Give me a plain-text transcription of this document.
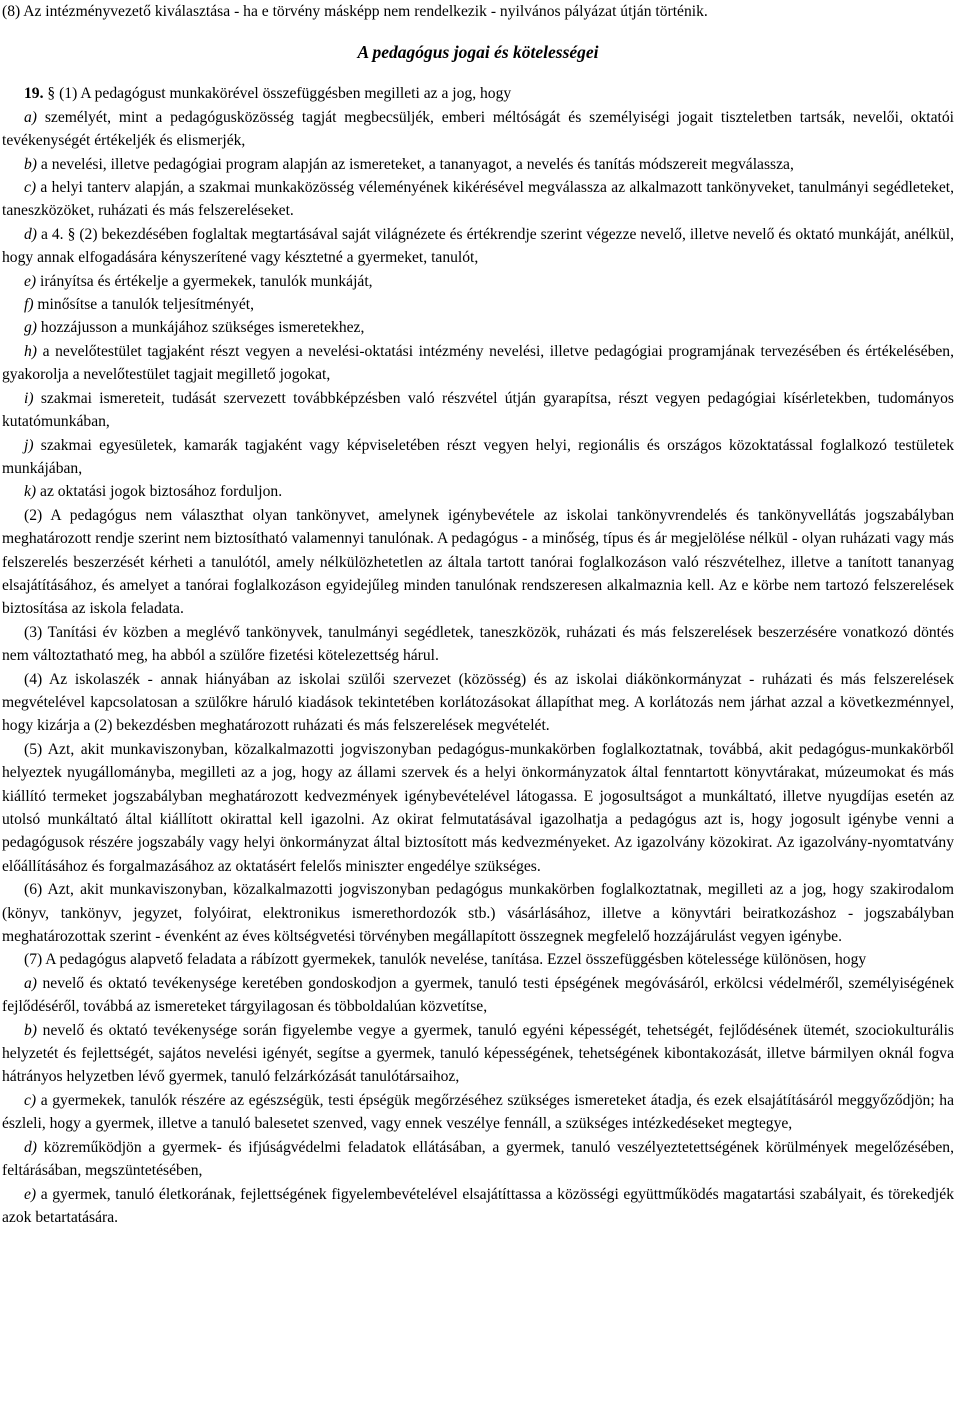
(8) Az intézményvezető kiválasztása - ha e törvény másképp nem rendelkezik - nyilvános pályázat útján történik.

A pedagógus jogai és kötelességei

19. § (1) A pedagógust munkakörével összefüggésben megilleti az a jog, hogy

a) személyét, mint a pedagógusközösség tagját megbecsüljék, emberi méltóságát és személyiségi jogait tiszteletben tartsák, nevelői, oktatói tevékenységét értékeljék és elismerjék,

b) a nevelési, illetve pedagógiai program alapján az ismereteket, a tananyagot, a nevelés és tanítás módszereit megválassza,

c) a helyi tanterv alapján, a szakmai munkaközösség véleményének kikérésével megválassza az alkalmazott tankönyveket, tanulmányi segédleteket, taneszközöket, ruházati és más felszereléseket.

d) a 4. § (2) bekezdésében foglaltak megtartásával saját világnézete és értékrendje szerint végezze nevelő, illetve nevelő és oktató munkáját, anélkül, hogy annak elfogadására kényszerítené vagy késztetné a gyermeket, tanulót,

e) irányítsa és értékelje a gyermekek, tanulók munkáját,

f) minősítse a tanulók teljesítményét,

g) hozzájusson a munkájához szükséges ismeretekhez,

h) a nevelőtestület tagjaként részt vegyen a nevelési-oktatási intézmény nevelési, illetve pedagógiai programjának tervezésében és értékelésében, gyakorolja a nevelőtestület tagjait megillető jogokat,

i) szakmai ismereteit, tudását szervezett továbbképzésben való részvétel útján gyarapítsa, részt vegyen pedagógiai kísérletekben, tudományos kutatómunkában,

j) szakmai egyesületek, kamarák tagjaként vagy képviseletében részt vegyen helyi, regionális és országos közoktatással foglalkozó testületek munkájában,

k) az oktatási jogok biztosához forduljon.

(2) A pedagógus nem választhat olyan tankönyvet, amelynek igénybevétele az iskolai tankönyvrendelés és tankönyvellátás jogszabályban meghatározott rendje szerint nem biztosítható valamennyi tanulónak. A pedagógus - a minőség, típus és ár megjelölése nélkül - olyan ruházati vagy más felszerelés beszerzését kérheti a tanulótól, amely nélkülözhetetlen az általa tartott tanórai foglalkozáson való részvételhez, illetve a tanított tananyag elsajátításához, és amelyet a tanórai foglalkozáson egyidejűleg minden tanulónak rendszeresen alkalmaznia kell. Az e körbe nem tartozó felszerelések biztosítása az iskola feladata.

(3) Tanítási év közben a meglévő tankönyvek, tanulmányi segédletek, taneszközök, ruházati és más felszerelések beszerzésére vonatkozó döntés nem változtatható meg, ha abból a szülőre fizetési kötelezettség hárul.

(4) Az iskolaszék - annak hiányában az iskolai szülői szervezet (közösség) és az iskolai diákönkormányzat - ruházati és más felszerelések megvételével kapcsolatosan a szülőkre háruló kiadások tekintetében korlátozásokat állapíthat meg. A korlátozás nem járhat azzal a következménnyel, hogy kizárja a (2) bekezdésben meghatározott ruházati és más felszerelések megvételét.

(5) Azt, akit munkaviszonyban, közalkalmazotti jogviszonyban pedagógus-munkakörben foglalkoztatnak, továbbá, akit pedagógus-munkakörből helyeztek nyugállományba, megilleti az a jog, hogy az állami szervek és a helyi önkormányzatok által fenntartott könyvtárakat, múzeumokat és más kiállító termeket jogszabályban meghatározott kedvezmények igénybevételével látogassa. E jogosultságot a munkáltató, illetve nyugdíjas esetén az utolsó munkáltató által kiállított okirattal kell igazolni. Az okirat felmutatásával igazolhatja a pedagógus azt is, hogy jogosult igénybe venni a pedagógusok részére jogszabály vagy helyi önkormányzat által biztosított más kedvezményeket. Az igazolvány közokirat. Az igazolvány-nyomtatvány előállításához és forgalmazásához az oktatásért felelős miniszter engedélye szükséges.

(6) Azt, akit munkaviszonyban, közalkalmazotti jogviszonyban pedagógus munkakörben foglalkoztatnak, megilleti az a jog, hogy szakirodalom (könyv, tankönyv, jegyzet, folyóirat, elektronikus ismerethordozók stb.) vásárlásához, illetve a könyvtári beiratkozáshoz - jogszabályban meghatározottak szerint - évenként az éves költségvetési törvényben megállapított összegnek megfelelő hozzájárulást vegyen igénybe.

(7) A pedagógus alapvető feladata a rábízott gyermekek, tanulók nevelése, tanítása. Ezzel összefüggésben kötelessége különösen, hogy

a) nevelő és oktató tevékenysége keretében gondoskodjon a gyermek, tanuló testi épségének megóvásáról, erkölcsi védelméről, személyiségének fejlődéséről, továbbá az ismereteket tárgyilagosan és többoldalúan közvetítse,

b) nevelő és oktató tevékenysége során figyelembe vegye a gyermek, tanuló egyéni képességét, tehetségét, fejlődésének ütemét, szociokulturális helyzetét és fejlettségét, sajátos nevelési igényét, segítse a gyermek, tanuló képességének, tehetségének kibontakozását, illetve bármilyen oknál fogva hátrányos helyzetben lévő gyermek, tanuló felzárkózását tanulótársaihoz,

c) a gyermekek, tanulók részére az egészségük, testi épségük megőrzéséhez szükséges ismereteket átadja, és ezek elsajátításáról meggyőződjön; ha észleli, hogy a gyermek, illetve a tanuló balesetet szenved, vagy ennek veszélye fennáll, a szükséges intézkedéseket megtegye,

d) közreműködjön a gyermek- és ifjúságvédelmi feladatok ellátásában, a gyermek, tanuló veszélyeztetettségének körülmények megelőzésében, feltárásában, megszüntetésében,

e) a gyermek, tanuló életkorának, fejlettségének figyelembevételével elsajátíttassa a közösségi együttműködés magatartási szabályait, és törekedjék azok betartatására.
